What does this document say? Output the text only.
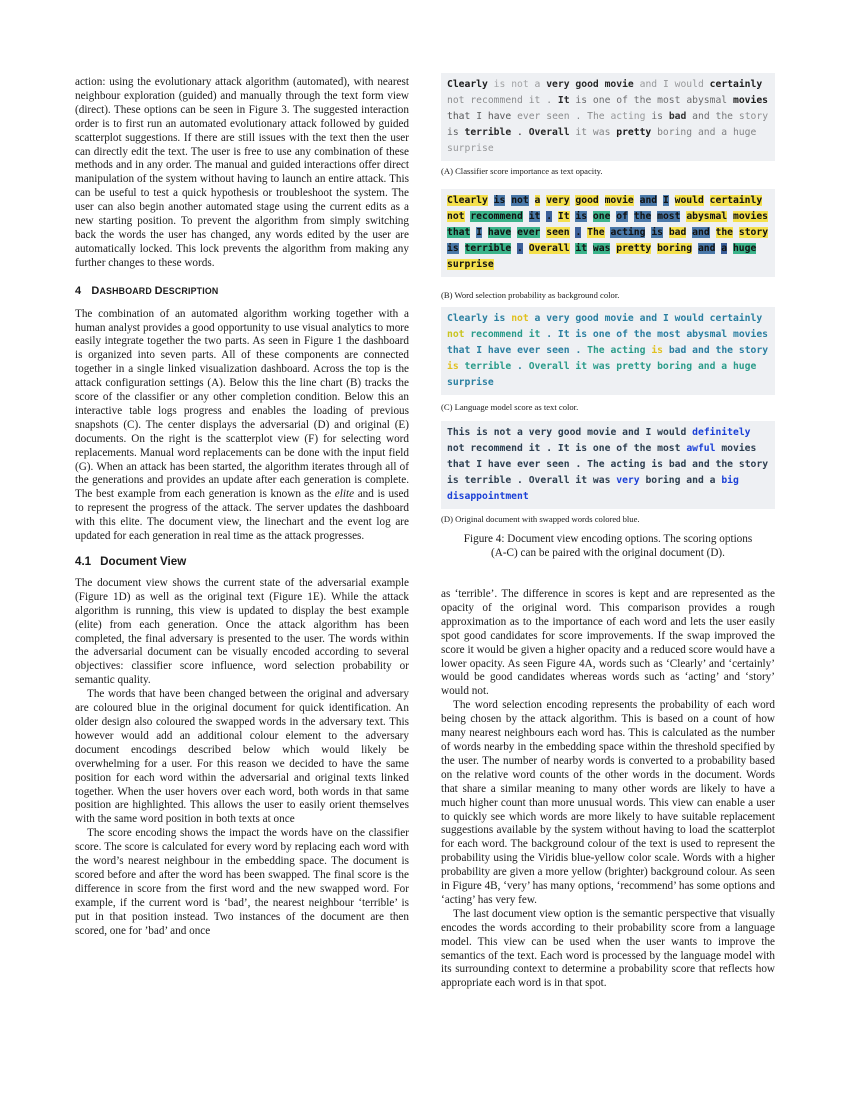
action: using the evolutionary attack algorithm (automated), with nearest neighbour exploration (guided) and manually through the text form view (direct). These options can be seen in Figure 3. The suggested interaction order is to first run an automated evolutionary attack followed by guided scatterplot suggestions. If there are still issues with the text then the user can directly edit the text. The user is free to use any combination of these methods and in any order. The manual and guided interactions offer direct manipulation of the system without having to launch an entire attack. This can be useful to test a quick hypothesis or troubleshoot the system. The user can also begin another automated stage using the current edits as a new starting position. To prevent the algorithm from simply switching back the words the user has changed, any words edited by the user are automatically locked. This lock prevents the algorithm from making any further changes to these words.

4 DASHBOARD DESCRIPTION

The combination of an automated algorithm working together with a human analyst provides a good opportunity to use visual analytics to more easily integrate together the two parts. As seen in Figure 1 the dashboard is organized into seven parts. All of these components are connected together in a single linked visualization dashboard. Across the top is the attack configuration settings (A). Below this the line chart (B) tracks the score of the classifier or any other completion condition. Below this an interactive table logs progress and enables the loading of previous snapshots (C). The center displays the adversarial (D) and original (E) documents. On the right is the scatterplot view (F) for selecting word replacements. Manual word replacements can be done with the input field (G). When an attack has been started, the algorithm iterates through all of the generations and provides an update after each generation is complete. The best example from each generation is known as the elite and is used to represent the progress of the attack. The server updates the dashboard with this elite. The document view, the linechart and the event log are updated for each generation in real time as the attack progresses.

4.1 Document View

The document view shows the current state of the adversarial example (Figure 1D) as well as the original text (Figure 1E). While the attack algorithm is running, this view is updated to display the best example (elite) from each generation. Once the attack algorithm has been completed, the final adversary is presented to the user. The words within the adversarial document can be visually encoded according to several objectives: classifier score influence, word selection probability or semantic quality.

The words that have been changed between the original and adversary are coloured blue in the original document for quick identification. An older design also coloured the swapped words in the adversary text. This however would add an additional colour element to the adversary document encodings described below which would likely be overwhelming for a user. For this reason we decided to have the same position for each word within the adversarial and original texts linked together. When the user hovers over each word, both words in that same position are highlighted. This allows the user to easily orient themselves with the same word position in both texts at once

The score encoding shows the impact the words have on the classifier score. The score is calculated for every word by replacing each word with the word’s nearest neighbour in the embedding space. The document is scored before and after the word has been swapped. The final score is the difference in score from the first word and the new swapped word. For example, if the current word is ‘bad’, the nearest neighbour ‘terrible’ is put in that position instead. Two instances of the document are then scored, one for ’bad’ and once

Clearly is not a very good movie and I would certainly not recommend it . It is one of the most abysmal movies that I have ever seen . The acting is bad and the story is terrible . Overall it was pretty boring and a huge surprise
(A) Classifier score importance as text opacity.
Clearly is not a very good movie and I would certainly not recommend it . It is one of the most abysmal movies that I have ever seen . The acting is bad and the story is terrible . Overall it was pretty boring and a huge surprise
(B) Word selection probability as background color.
Clearly is not a very good movie and I would certainly not recommend it . It is one of the most abysmal movies that I have ever seen . The acting is bad and the story is terrible . Overall it was pretty boring and a huge surprise
(C) Language model score as text color.
This is not a very good movie and I would definitely not recommend it . It is one of the most awful movies that I have ever seen . The acting is bad and the story is terrible . Overall it was very boring and a big disappointment
(D) Original document with swapped words colored blue.
Figure 4: Document view encoding options. The scoring options
(A-C) can be paired with the original document (D).

as ‘terrible’. The difference in scores is kept and are represented as the opacity of the original word. This comparison provides a rough approximation as to the importance of each word and lets the user easily spot good candidates for score improvements. If the swap improved the score it would be given a higher opacity and a reduced score would have a lower opacity. As seen Figure 4A, words such as ‘Clearly’ and ‘certainly’ would be good candidates whereas words such as ‘acting’ and ‘story’ would not.

The word selection encoding represents the probability of each word being chosen by the attack algorithm. This is based on a count of how many nearest neighbours each word has. This is calculated as the number of words nearby in the embedding space within the threshold specified by the user. The number of nearby words is converted to a probability based on the relative word counts of the other words in the document. Words that share a similar meaning to many other words are likely to have a much higher count than more unusual words. This view can enable a user to quickly see which words are more likely to have suitable replacement suggestions available by the system without having to load the scatterplot for each word. The background colour of the text is used to represent the probability using the Viridis blue-yellow color scale. Words with a higher probability are given a more yellow (brighter) background colour. As seen in Figure 4B, ‘very’ has many options, ‘recommend’ has some options and ‘acting’ has very few.

The last document view option is the semantic perspective that visually encodes the words according to their probability score from a language model. This view can be used when the user wants to improve the semantics of the text. Each word is processed by the language model with its surrounding context to determine a probability score that reflects how appropriate each word is in that spot.
